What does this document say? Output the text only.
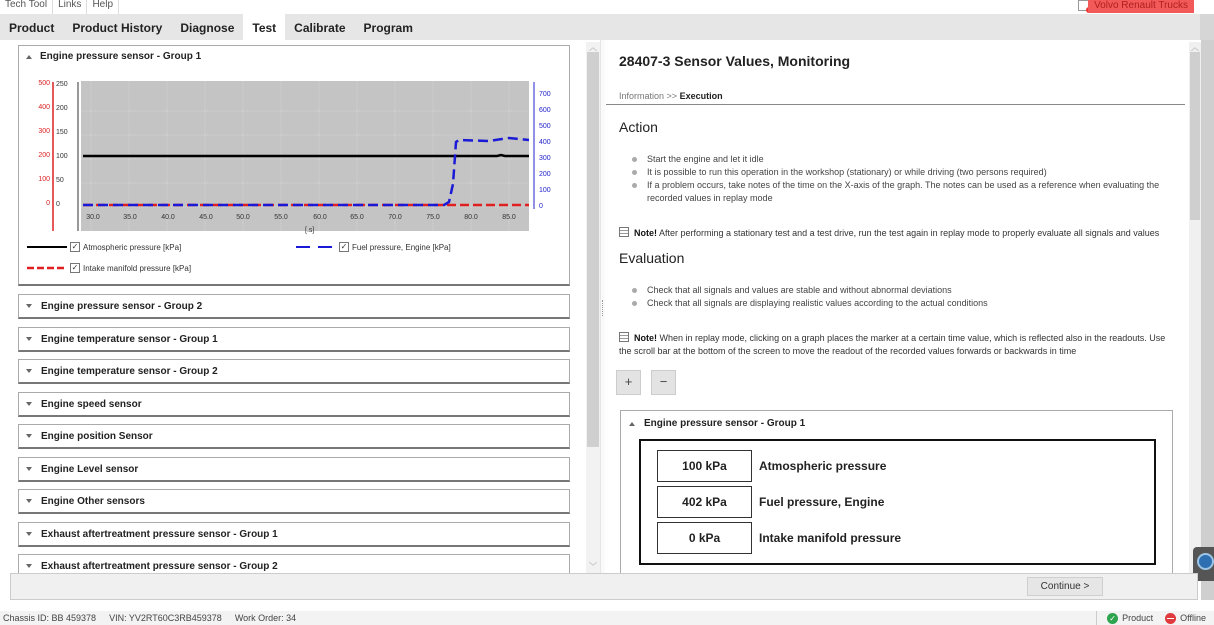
Tech Tool	Links	Help	Volvo Renault Trucks
Product	Product History	Diagnose	Test	Calibrate	Program
Engine pressure sensor - Group 1
500
400
300
200
100
0
250
200
150
100
50
0
700
600
500
400
300
200
100
0
30.0	35.0	40.0	45.0	50.0	55.0	60.0	65.0	70.0	75.0	80.0	85.0
[.s]
✓ Atmospheric pressure [kPa]	✓ Fuel pressure, Engine [kPa]
✓ Intake manifold pressure [kPa]
Engine pressure sensor - Group 2
Engine temperature sensor - Group 1
Engine temperature sensor - Group 2
Engine speed sensor
Engine position Sensor
Engine Level sensor
Engine Other sensors
Exhaust aftertreatment pressure sensor - Group 1
Exhaust aftertreatment pressure sensor - Group 2
︿
﹀
28407-3 Sensor Values, Monitoring
Information >> Execution
Action
Start the engine and let it idle
It is possible to run this operation in the workshop (stationary) or while driving (two persons required)
If a problem occurs, take notes of the time on the X-axis of the graph. The notes can be used as a reference when evaluating the recorded values in replay mode
Note! After performing a stationary test and a test drive, run the test again in replay mode to properly evaluate all signals and values
Evaluation
Check that all signals and values are stable and without abnormal deviations
Check that all signals are displaying realistic values according to the actual conditions
Note! When in replay mode, clicking on a graph places the marker at a certain time value, which is reflected also in the readouts. Use the scroll bar at the bottom of the screen to move the readout of the recorded values forwards or backwards in time
+	−
Engine pressure sensor - Group 1
100 kPa	Atmospheric pressure
402 kPa	Fuel pressure, Engine
0 kPa	Intake manifold pressure
︿
Continue >
Chassis ID: BB 459378 VIN: YV2RT60C3RB459378 Work Order: 34	✓ Product	Offline
